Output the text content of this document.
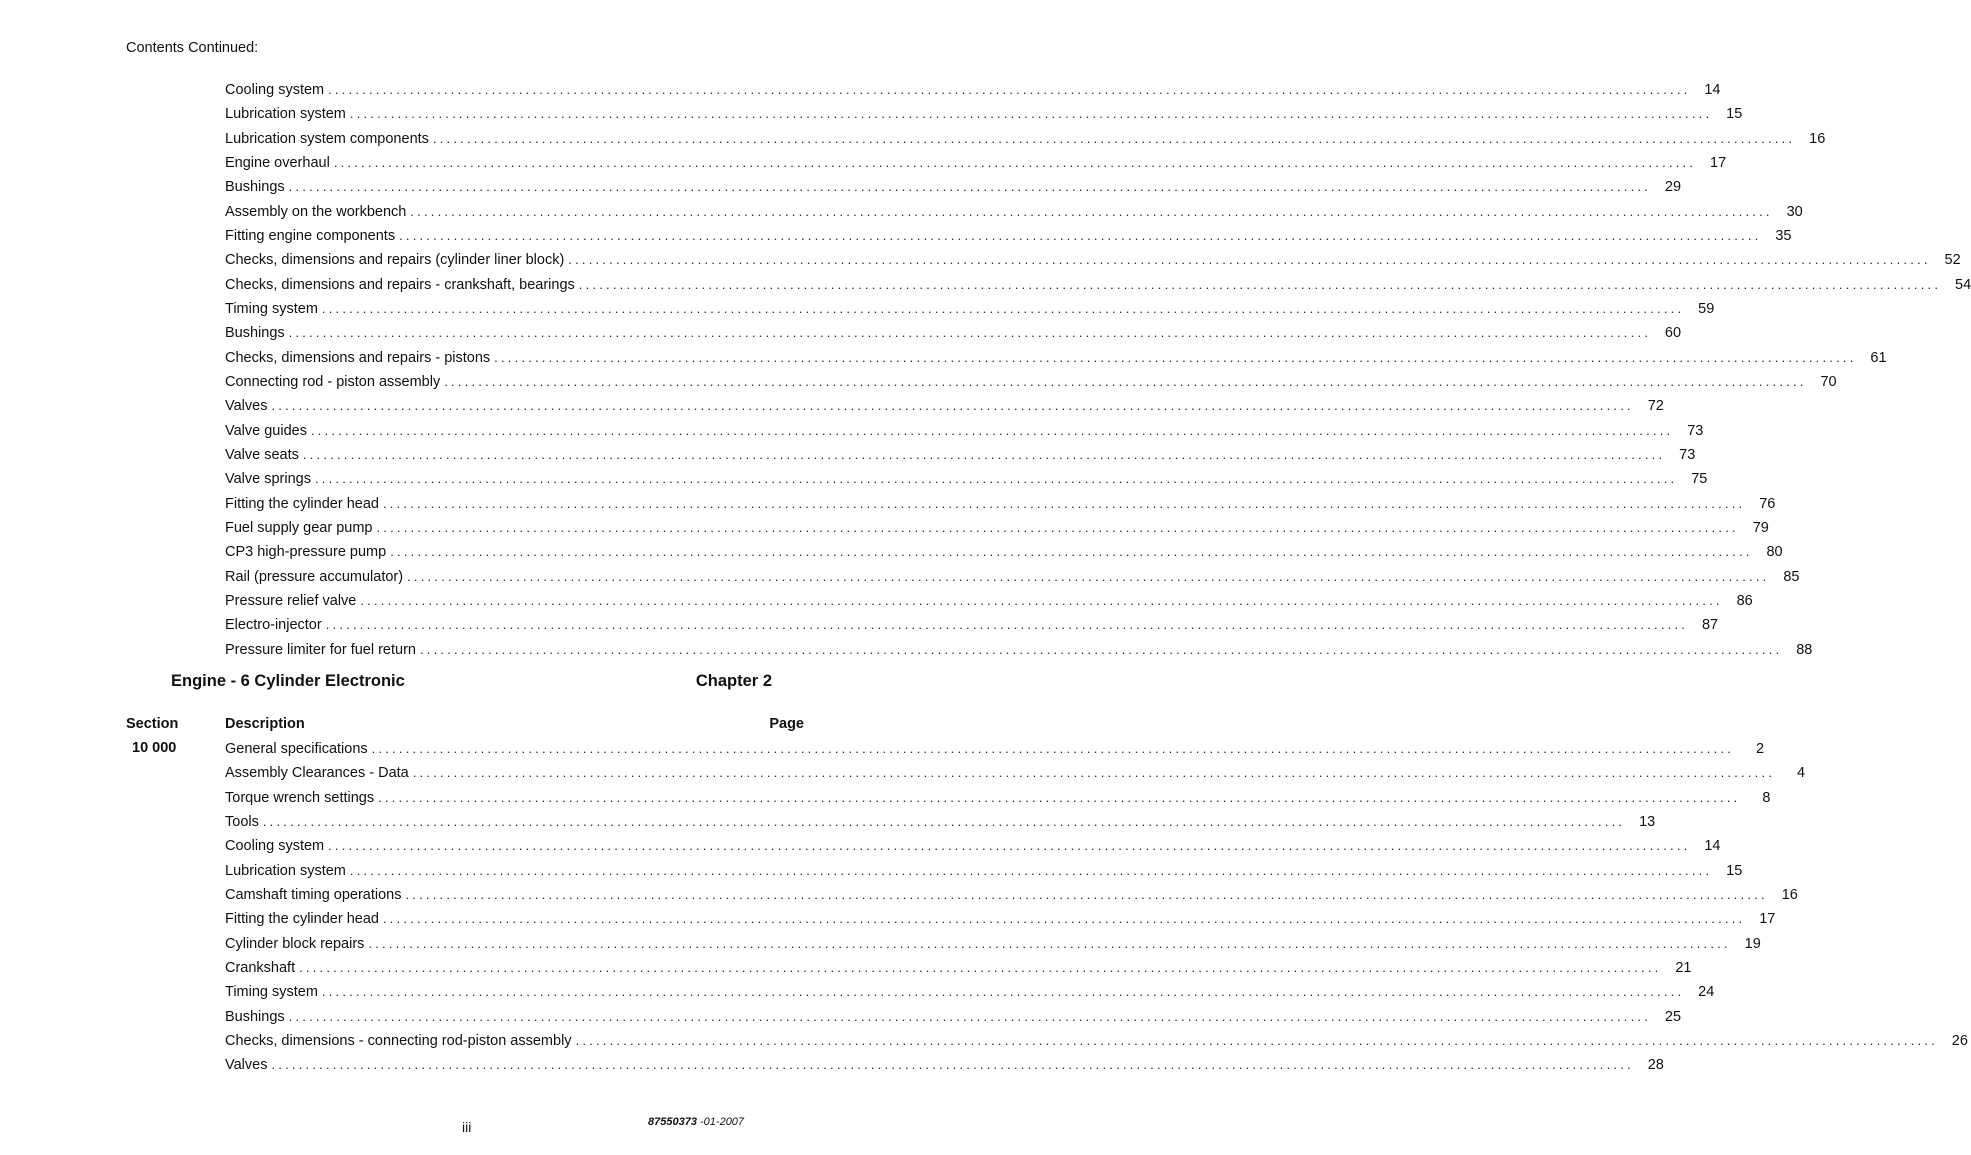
Contents Continued:
Cooling system ........................................................................................................................................................................................................ 14
Lubrication system ........................................................................................................................................................................................................ 15
Lubrication system components ........................................................................................................................................................................................................ 16
Engine overhaul ........................................................................................................................................................................................................ 17
Bushings ........................................................................................................................................................................................................ 29
Assembly on the workbench ........................................................................................................................................................................................................ 30
Fitting engine components ........................................................................................................................................................................................................ 35
Checks, dimensions and repairs (cylinder liner block) ........................................................................................................................................................................................................ 52
Checks, dimensions and repairs - crankshaft, bearings ........................................................................................................................................................................................................ 54
Timing system ........................................................................................................................................................................................................ 59
Bushings ........................................................................................................................................................................................................ 60
Checks, dimensions and repairs - pistons ........................................................................................................................................................................................................ 61
Connecting rod - piston assembly ........................................................................................................................................................................................................ 70
Valves ........................................................................................................................................................................................................ 72
Valve guides ........................................................................................................................................................................................................ 73
Valve seats ........................................................................................................................................................................................................ 73
Valve springs ........................................................................................................................................................................................................ 75
Fitting the cylinder head ........................................................................................................................................................................................................ 76
Fuel supply gear pump ........................................................................................................................................................................................................ 79
CP3 high-pressure pump ........................................................................................................................................................................................................ 80
Rail (pressure accumulator) ........................................................................................................................................................................................................ 85
Pressure relief valve ........................................................................................................................................................................................................ 86
Electro-injector ........................................................................................................................................................................................................ 87
Pressure limiter for fuel return ........................................................................................................................................................................................................ 88
Engine - 6 Cylinder Electronic	Chapter 2
Section	Description	Page
10 000	General specifications ........................................................................................................................................................................................................	2
Assembly Clearances - Data ........................................................................................................................................................................................................	4
Torque wrench settings ........................................................................................................................................................................................................	8
Tools ........................................................................................................................................................................................................ 13
Cooling system ........................................................................................................................................................................................................ 14
Lubrication system ........................................................................................................................................................................................................ 15
Camshaft timing operations ........................................................................................................................................................................................................ 16
Fitting the cylinder head ........................................................................................................................................................................................................ 17
Cylinder block repairs ........................................................................................................................................................................................................ 19
Crankshaft ........................................................................................................................................................................................................ 21
Timing system ........................................................................................................................................................................................................ 24
Bushings ........................................................................................................................................................................................................ 25
Checks, dimensions - connecting rod-piston assembly ........................................................................................................................................................................................................ 26
Valves ........................................................................................................................................................................................................ 28
iii	87550373 -01-2007
